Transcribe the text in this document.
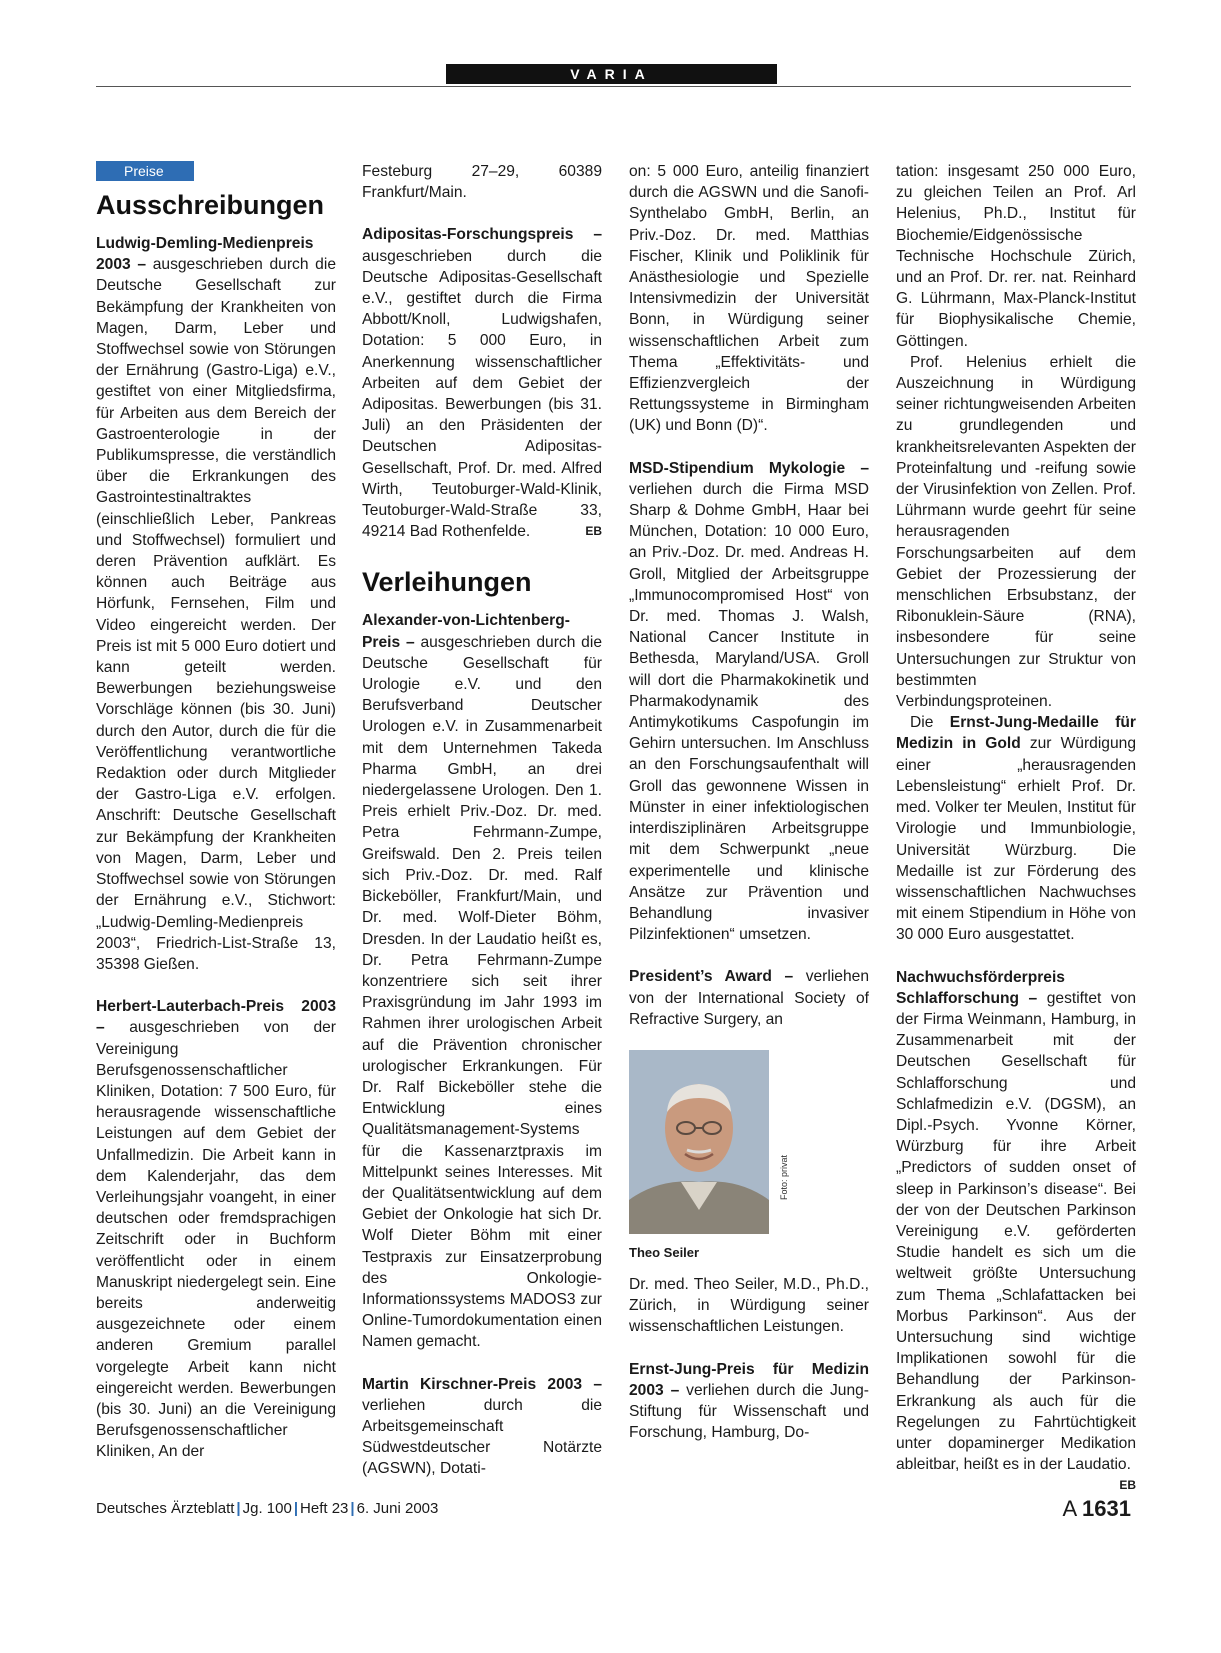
VARIA
Preise
Ausschreibungen

Ludwig-Demling-Medienpreis 2003 – ausgeschrieben durch die Deutsche Gesellschaft zur Bekämpfung der Krankheiten von Magen, Darm, Leber und Stoffwechsel sowie von Störungen der Ernährung (Gastro-Liga) e.V., gestiftet von einer Mitgliedsfirma, für Arbeiten aus dem Bereich der Gastroenterologie in der Publikumspresse, die verständlich über die Erkrankungen des Gastrointestinaltraktes (einschließlich Leber, Pankreas und Stoffwechsel) formuliert und deren Prävention aufklärt. Es können auch Beiträge aus Hörfunk, Fernsehen, Film und Video eingereicht werden. Der Preis ist mit 5 000 Euro dotiert und kann geteilt werden. Bewerbungen beziehungsweise Vorschläge können (bis 30. Juni) durch den Autor, durch die für die Veröffentlichung verantwortliche Redaktion oder durch Mitglieder der Gastro-Liga e.V. erfolgen. Anschrift: Deutsche Gesellschaft zur Bekämpfung der Krankheiten von Magen, Darm, Leber und Stoffwechsel sowie von Störungen der Ernährung e.V., Stichwort: „Ludwig-Demling-Medienpreis 2003“, Friedrich-List-Straße 13, 35398 Gießen.

Herbert-Lauterbach-Preis 2003 – ausgeschrieben von der Vereinigung Berufsgenossenschaftlicher Kliniken, Dotation: 7 500 Euro, für herausragende wissenschaftliche Leistungen auf dem Gebiet der Unfallmedizin. Die Arbeit kann in dem Kalenderjahr, das dem Verleihungsjahr voangeht, in einer deutschen oder fremdsprachigen Zeitschrift oder in Buchform veröffentlicht oder in einem Manuskript niedergelegt sein. Eine bereits anderweitig ausgezeichnete oder einem anderen Gremium parallel vorgelegte Arbeit kann nicht eingereicht werden. Bewerbungen (bis 30. Juni) an die Vereinigung Berufsgenossenschaftlicher Kliniken, An der

Festeburg 27–29, 60389 Frankfurt/Main.

Adipositas-Forschungspreis – ausgeschrieben durch die Deutsche Adipositas-Gesellschaft e.V., gestiftet durch die Firma Abbott/Knoll, Ludwigshafen, Dotation: 5 000 Euro, in Anerkennung wissenschaftlicher Arbeiten auf dem Gebiet der Adipositas. Bewerbungen (bis 31. Juli) an den Präsidenten der Deutschen Adipositas-Gesellschaft, Prof. Dr. med. Alfred Wirth, Teutoburger-Wald-Klinik, Teutoburger-Wald-Straße 33, 49214 Bad Rothenfelde.	EB

Verleihungen

Alexander-von-Lichtenberg-Preis – ausgeschrieben durch die Deutsche Gesellschaft für Urologie e.V. und den Berufsverband Deutscher Urologen e.V. in Zusammenarbeit mit dem Unternehmen Takeda Pharma GmbH, an drei niedergelassene Urologen. Den 1. Preis erhielt Priv.-Doz. Dr. med. Petra Fehrmann-Zumpe, Greifswald. Den 2. Preis teilen sich Priv.-Doz. Dr. med. Ralf Bickeböller, Frankfurt/Main, und Dr. med. Wolf-Dieter Böhm, Dresden. In der Laudatio heißt es, Dr. Petra Fehrmann-Zumpe konzentriere sich seit ihrer Praxisgründung im Jahr 1993 im Rahmen ihrer urologischen Arbeit auf die Prävention chronischer urologischer Erkrankungen. Für Dr. Ralf Bickeböller stehe die Entwicklung eines Qualitätsmanagement-Systems für die Kassenarztpraxis im Mittelpunkt seines Interesses. Mit der Qualitätsentwicklung auf dem Gebiet der Onkologie hat sich Dr. Wolf Dieter Böhm mit einer Testpraxis zur Einsatzerprobung des Onkologie-Informationssystems MADOS3 zur Online-Tumordokumentation einen Namen gemacht.

Martin Kirschner-Preis 2003 – verliehen durch die Arbeitsgemeinschaft Südwestdeutscher Notärzte (AGSWN), Dotati-

on: 5 000 Euro, anteilig finanziert durch die AGSWN und die Sanofi-Synthelabo GmbH, Berlin, an Priv.-Doz. Dr. med. Matthias Fischer, Klinik und Poliklinik für Anästhesiologie und Spezielle Intensivmedizin der Universität Bonn, in Würdigung seiner wissenschaftlichen Arbeit zum Thema „Effektivitäts- und Effizienzvergleich der Rettungssysteme in Birmingham (UK) und Bonn (D)“.

MSD-Stipendium Mykologie – verliehen durch die Firma MSD Sharp & Dohme GmbH, Haar bei München, Dotation: 10 000 Euro, an Priv.-Doz. Dr. med. Andreas H. Groll, Mitglied der Arbeitsgruppe „Immunocompromised Host“ von Dr. med. Thomas J. Walsh, National Cancer Institute in Bethesda, Maryland/USA. Groll will dort die Pharmakokinetik und Pharmakodynamik des Antimykotikums Caspofungin im Gehirn untersuchen. Im Anschluss an den Forschungsaufenthalt will Groll das gewonnene Wissen in Münster in einer infektiologischen interdisziplinären Arbeitsgruppe mit dem Schwerpunkt „neue experimentelle und klinische Ansätze zur Prävention und Behandlung invasiver Pilzinfektionen“ umsetzen.

President’s Award – verliehen von der International Society of Refractive Surgery, an

Foto: privat
Theo Seiler

Dr. med. Theo Seiler, M.D., Ph.D., Zürich, in Würdigung seiner wissenschaftlichen Leistungen.

Ernst-Jung-Preis für Medizin 2003 – verliehen durch die Jung-Stiftung für Wissenschaft und Forschung, Hamburg, Do-

tation: insgesamt 250 000 Euro, zu gleichen Teilen an Prof. Arl Helenius, Ph.D., Institut für Biochemie/Eidgenössische Technische Hochschule Zürich, und an Prof. Dr. rer. nat. Reinhard G. Lührmann, Max-Planck-Institut für Biophysikalische Chemie, Göttingen.

Prof. Helenius erhielt die Auszeichnung in Würdigung seiner richtungweisenden Arbeiten zu grundlegenden und krankheitsrelevanten Aspekten der Proteinfaltung und -reifung sowie der Virusinfektion von Zellen. Prof. Lührmann wurde geehrt für seine herausragenden Forschungsarbeiten auf dem Gebiet der Prozessierung der menschlichen Erbsubstanz, der Ribonuklein-Säure (RNA), insbesondere für seine Untersuchungen zur Struktur von bestimmten Verbindungsproteinen.

Die Ernst-Jung-Medaille für Medizin in Gold zur Würdigung einer „herausragenden Lebensleistung“ erhielt Prof. Dr. med. Volker ter Meulen, Institut für Virologie und Immunbiologie, Universität Würzburg. Die Medaille ist zur Förderung des wissenschaftlichen Nachwuchses mit einem Stipendium in Höhe von 30 000 Euro ausgestattet.

Nachwuchsförderpreis Schlafforschung – gestiftet von der Firma Weinmann, Hamburg, in Zusammenarbeit mit der Deutschen Gesellschaft für Schlafforschung und Schlafmedizin e.V. (DGSM), an Dipl.-Psych. Yvonne Körner, Würzburg für ihre Arbeit „Predictors of sudden onset of sleep in Parkinson’s disease“. Bei der von der Deutschen Parkinson Vereinigung e.V. geförderten Studie handelt es sich um die weltweit größte Untersuchung zum Thema „Schlafattacken bei Morbus Parkinson“. Aus der Untersuchung sind wichtige Implikationen sowohl für die Behandlung der Parkinson-Erkrankung als auch für die Regelungen zu Fahrtüchtigkeit unter dopaminerger Medikation ableitbar, heißt es in der Laudatio.
EB

Deutsches Ärzteblatt | Jg. 100 | Heft 23 | 6. Juni 2003	A 1631
